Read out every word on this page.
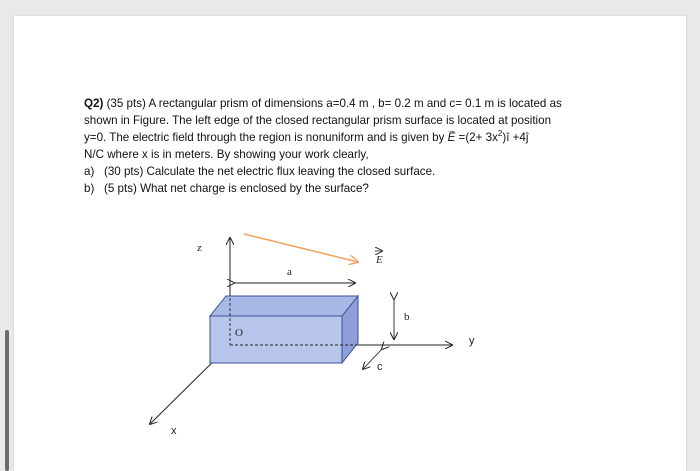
Q2) (35 pts) A rectangular prism of dimensions a=0.4 m , b= 0.2 m and c= 0.1 m is located as

shown in Figure. The left edge of the closed rectangular prism surface is located at position

y=0. The electric field through the region is nonuniform and is given by → $E =(2+ 3x^2)î$ +4ĵ

N/C where x is in meters. By showing your work clearly,

a) (30 pts) Calculate the net electric flux leaving the closed surface.

b) (5 pts) What net charge is enclosed by the surface?

a
b
c
z
y
x
O
E
